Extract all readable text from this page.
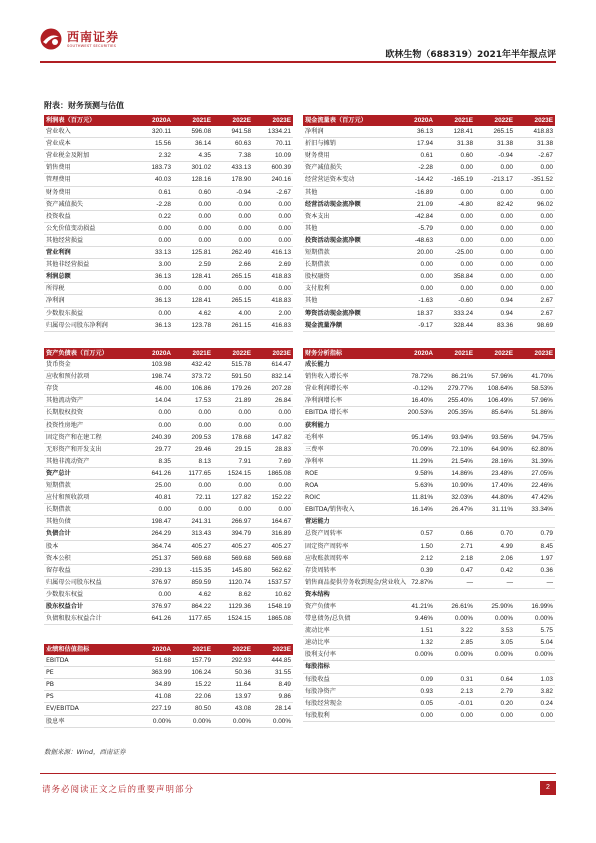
西南证券
SOUTHWEST SECURITIES
欧林生物（688319）2021年半年报点评
附表：财务预测与估值
利润表（百万元）	2020A	2021E	2022E	2023E
营业收入	320.11	596.08	941.58	1334.21
营业成本	15.56	36.14	60.63	70.11
营业税金及附加	2.32	4.35	7.38	10.09
销售费用	183.73	301.02	433.13	600.39
管理费用	40.03	128.16	178.90	240.16
财务费用	0.61	0.60	-0.94	-2.67
资产减值损失	-2.28	0.00	0.00	0.00
投资收益	0.22	0.00	0.00	0.00
公允价值变动损益	0.00	0.00	0.00	0.00
其他经营损益	0.00	0.00	0.00	0.00
营业利润	33.13	125.81	262.49	416.13
其他非经营损益	3.00	2.59	2.66	2.69
利润总额	36.13	128.41	265.15	418.83
所得税	0.00	0.00	0.00	0.00
净利润	36.13	128.41	265.15	418.83
少数股东损益	0.00	4.62	4.00	2.00
归属母公司股东净利润	36.13	123.78	261.15	416.83
现金流量表（百万元）	2020A	2021E	2022E	2023E
净利润	36.13	128.41	265.15	418.83
折旧与摊销	17.94	31.38	31.38	31.38
财务费用	0.61	0.60	-0.94	-2.67
资产减值损失	-2.28	0.00	0.00	0.00
经营营运资本变动	-14.42	-165.19	-213.17	-351.52
其他	-16.89	0.00	0.00	0.00
经营活动现金流净额	21.09	-4.80	82.42	96.02
资本支出	-42.84	0.00	0.00	0.00
其他	-5.79	0.00	0.00	0.00
投资活动现金流净额	-48.63	0.00	0.00	0.00
短期借款	20.00	-25.00	0.00	0.00
长期借款	0.00	0.00	0.00	0.00
股权融资	0.00	358.84	0.00	0.00
支付股利	0.00	0.00	0.00	0.00
其他	-1.63	-0.60	0.94	2.67
筹资活动现金流净额	18.37	333.24	0.94	2.67
现金流量净额	-9.17	328.44	83.36	98.69
资产负债表（百万元）	2020A	2021E	2022E	2023E
货币资金	103.98	432.42	515.78	614.47
应收和预付款项	198.74	373.72	591.50	832.14
存货	46.00	106.86	179.26	207.28
其他流动资产	14.04	17.53	21.89	26.84
长期股权投资	0.00	0.00	0.00	0.00
投资性房地产	0.00	0.00	0.00	0.00
固定资产和在建工程	240.39	209.53	178.68	147.82
无形资产和开发支出	29.77	29.46	29.15	28.83
其他非流动资产	8.35	8.13	7.91	7.69
资产总计	641.26	1177.65	1524.15	1865.08
短期借款	25.00	0.00	0.00	0.00
应付和预收款项	40.81	72.11	127.82	152.22
长期借款	0.00	0.00	0.00	0.00
其他负债	198.47	241.31	266.97	164.67
负债合计	264.29	313.43	394.79	316.89
股本	364.74	405.27	405.27	405.27
资本公积	251.37	569.68	569.68	569.68
留存收益	-239.13	-115.35	145.80	562.62
归属母公司股东权益	376.97	859.59	1120.74	1537.57
少数股东权益	0.00	4.62	8.62	10.62
股东权益合计	376.97	864.22	1129.36	1548.19
负债和股东权益合计	641.26	1177.65	1524.15	1865.08
财务分析指标	2020A	2021E	2022E	2023E
成长能力				
销售收入增长率	78.72%	86.21%	57.96%	41.70%
营业利润增长率	-0.12%	279.77%	108.64%	58.53%
净利润增长率	16.40%	255.40%	106.49%	57.96%
EBITDA 增长率	200.53%	205.35%	85.64%	51.86%
获利能力				
毛利率	95.14%	93.94%	93.56%	94.75%
三费率	70.09%	72.10%	64.90%	62.80%
净利率	11.29%	21.54%	28.16%	31.39%
ROE	9.58%	14.86%	23.48%	27.05%
ROA	5.63%	10.90%	17.40%	22.46%
ROIC	11.81%	32.03%	44.80%	47.42%
EBITDA/销售收入	16.14%	26.47%	31.11%	33.34%
营运能力				
总资产周转率	0.57	0.66	0.70	0.79
固定资产周转率	1.50	2.71	4.99	8.45
应收账款周转率	2.12	2.18	2.06	1.97
存货周转率	0.39	0.47	0.42	0.36
销售商品提供劳务收到现金/营业收入	72.87%	—	—	—
资本结构				
资产负债率	41.21%	26.61%	25.90%	16.99%
带息债务/总负债	9.46%	0.00%	0.00%	0.00%
流动比率	1.51	3.22	3.53	5.75
速动比率	1.32	2.85	3.05	5.04
股利支付率	0.00%	0.00%	0.00%	0.00%
每股指标				
每股收益	0.09	0.31	0.64	1.03
每股净资产	0.93	2.13	2.79	3.82
每股经营现金	0.05	-0.01	0.20	0.24
每股股利	0.00	0.00	0.00	0.00
业绩和估值指标	2020A	2021E	2022E	2023E
EBITDA	51.68	157.79	292.93	444.85
PE	363.99	106.24	50.36	31.55
PB	34.89	15.22	11.64	8.49
PS	41.08	22.06	13.97	9.86
EV/EBITDA	227.19	80.50	43.08	28.14
股息率	0.00%	0.00%	0.00%	0.00%
数据来源：Wind，西南证券
请务必阅读正文之后的重要声明部分	2
